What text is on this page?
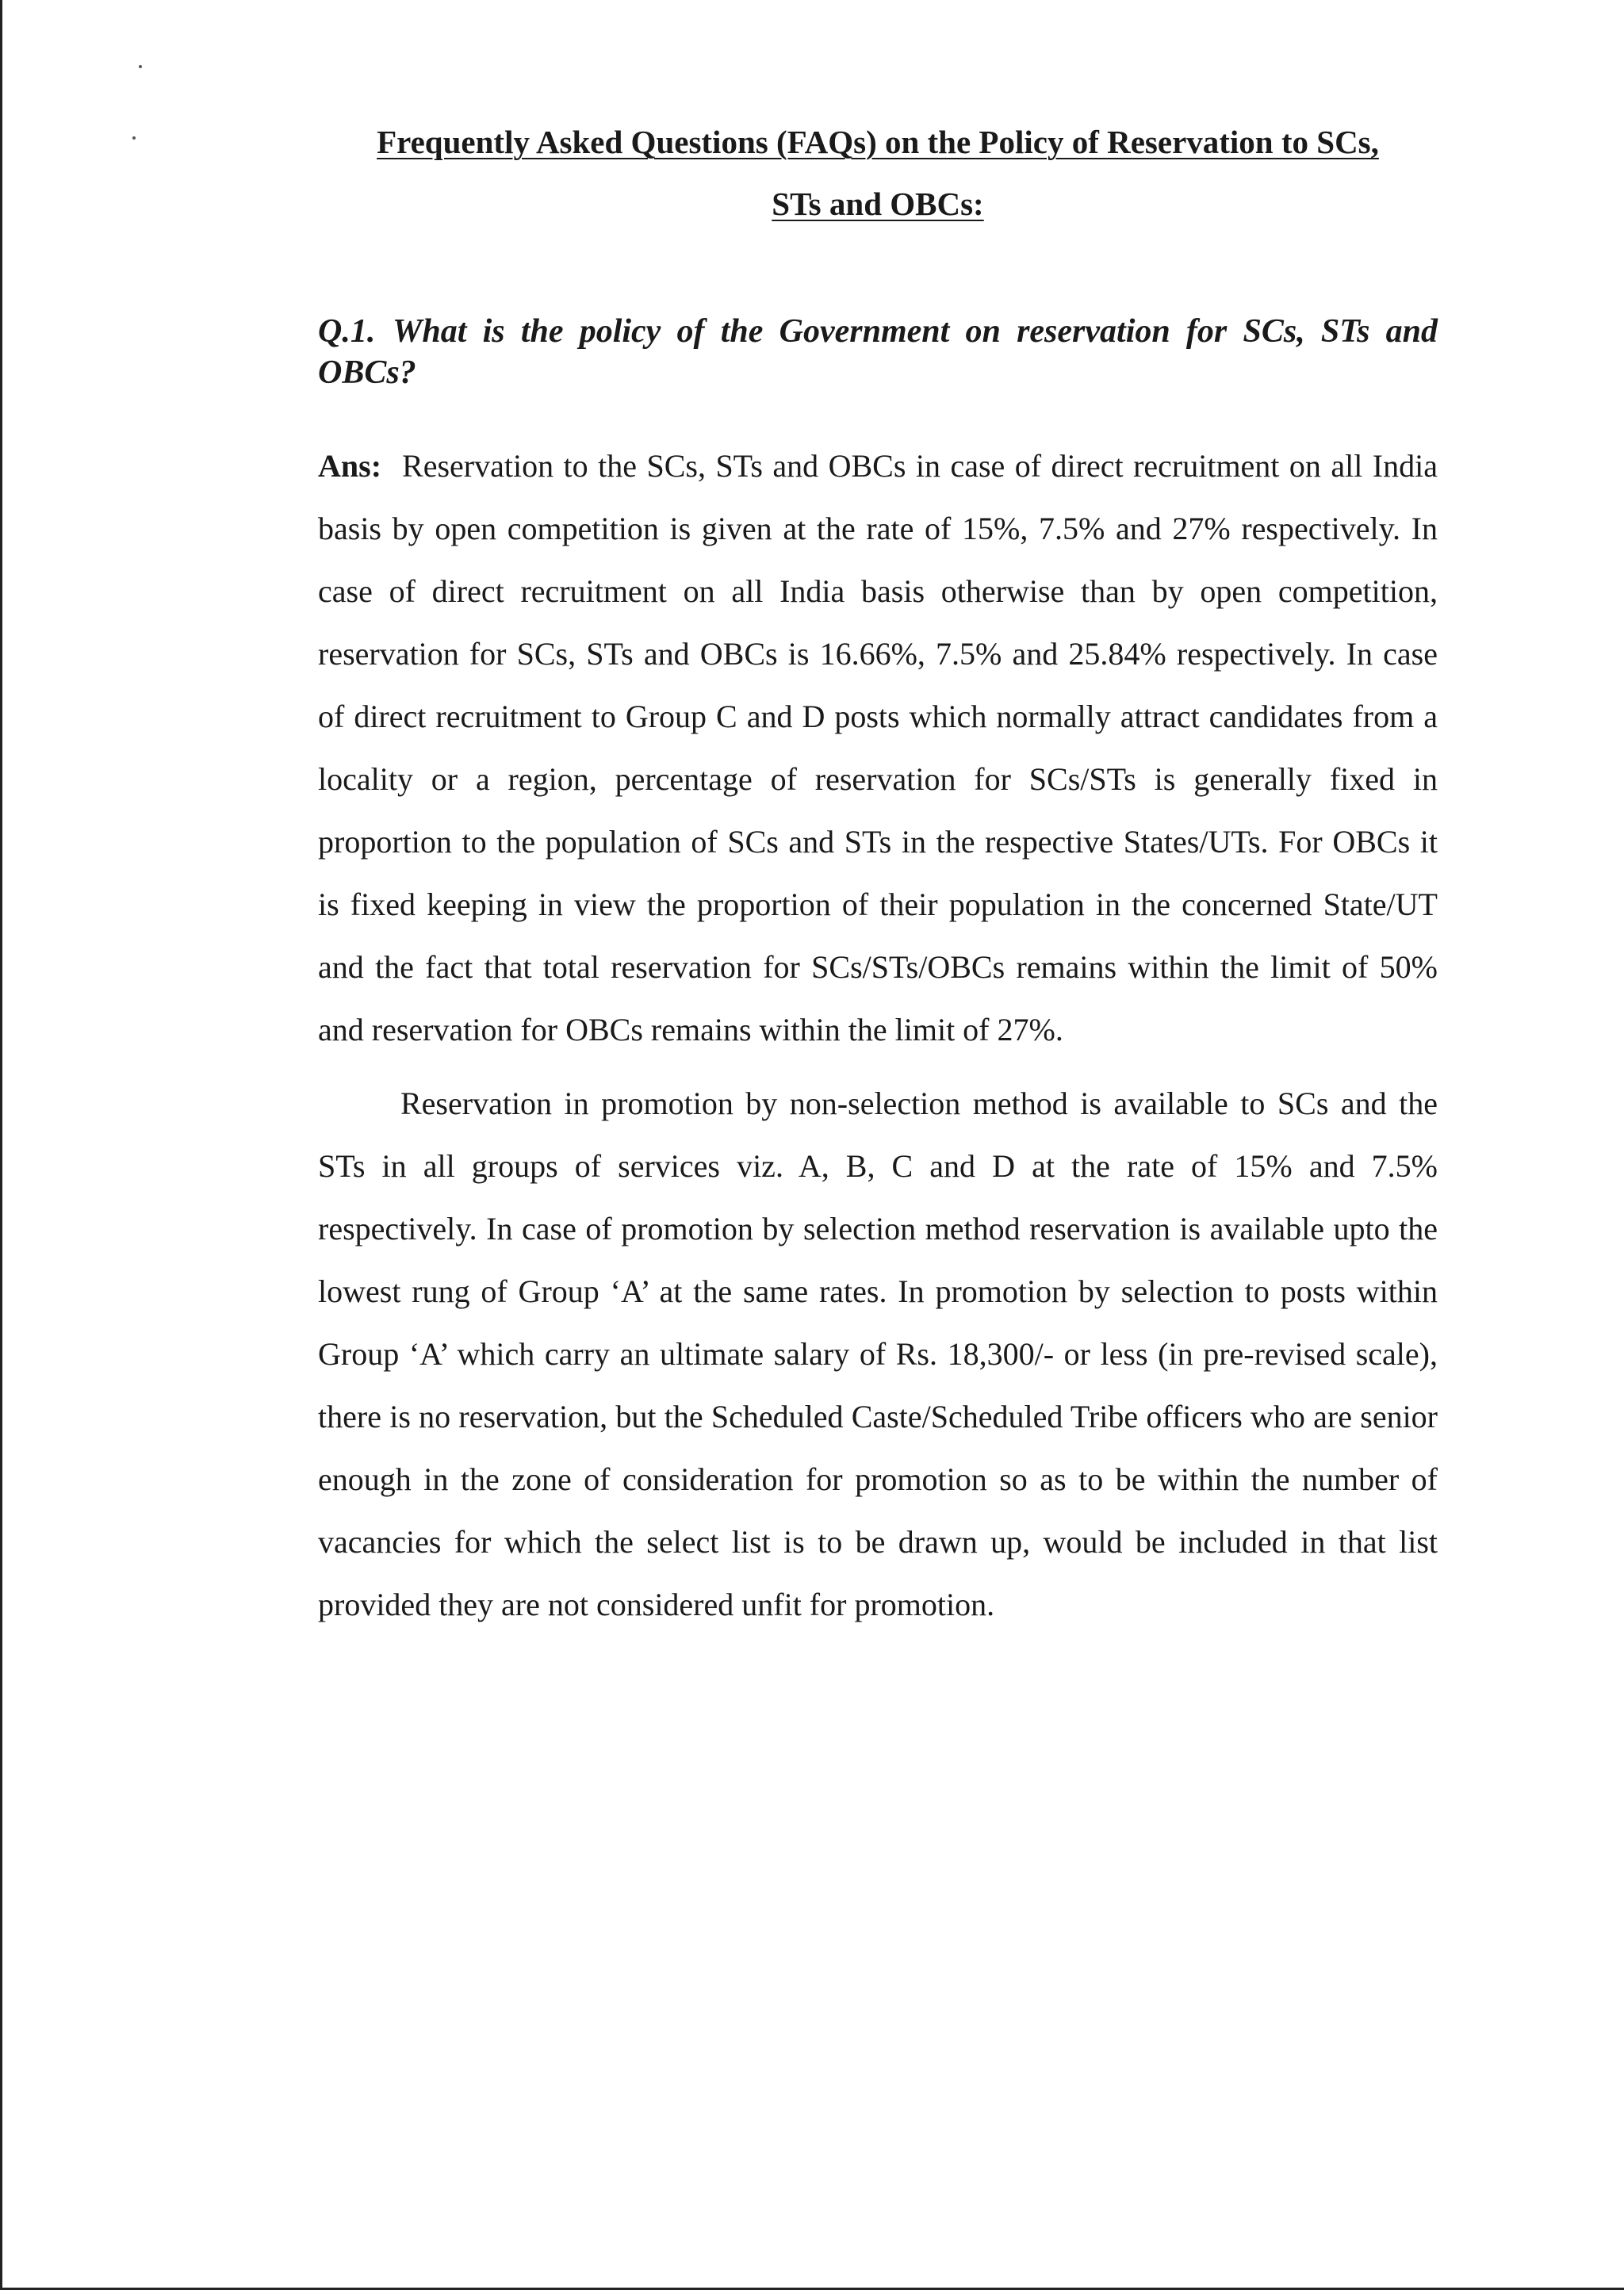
Frequently Asked Questions (FAQs) on the Policy of Reservation to SCs,
STs and OBCs:

Q.1. What is the policy of the Government on reservation for SCs, STs and OBCs?

Ans: Reservation to the SCs, STs and OBCs in case of direct recruitment on all India basis by open competition is given at the rate of 15%, 7.5% and 27% respectively. In case of direct recruitment on all India basis otherwise than by open competition, reservation for SCs, STs and OBCs is 16.66%, 7.5% and 25.84% respectively. In case of direct recruitment to Group C and D posts which normally attract candidates from a locality or a region, percentage of reservation for SCs/STs is generally fixed in proportion to the population of SCs and STs in the respective States/UTs. For OBCs it is fixed keeping in view the proportion of their population in the concerned State/UT and the fact that total reservation for SCs/STs/OBCs remains within the limit of 50% and reservation for OBCs remains within the limit of 27%.

Reservation in promotion by non-selection method is available to SCs and the STs in all groups of services viz. A, B, C and D at the rate of 15% and 7.5% respectively. In case of promotion by selection method reservation is available upto the lowest rung of Group ‘A’ at the same rates. In promotion by selection to posts within Group ‘A’ which carry an ultimate salary of Rs. 18,300/- or less (in pre-revised scale), there is no reservation, but the Scheduled Caste/Scheduled Tribe officers who are senior enough in the zone of consideration for promotion so as to be within the number of vacancies for which the select list is to be drawn up, would be included in that list provided they are not considered unfit for promotion.
